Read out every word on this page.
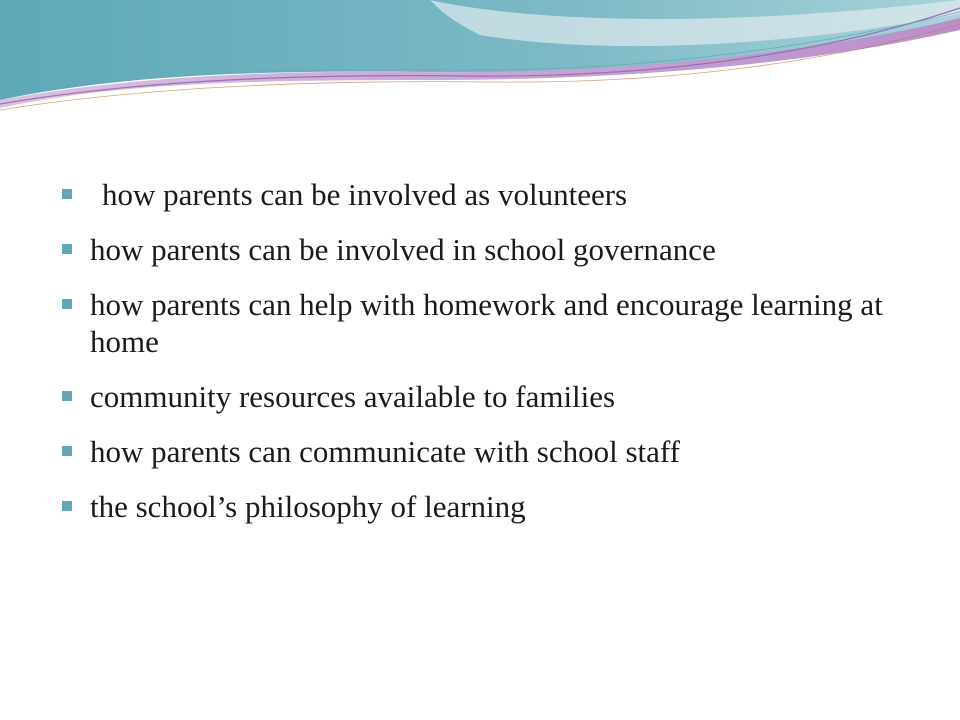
how parents can be involved as volunteers
how parents can be involved in school governance
how parents can help with homework and encourage learning at home
community resources available to families
how parents can communicate with school staff
the school’s philosophy of learning
